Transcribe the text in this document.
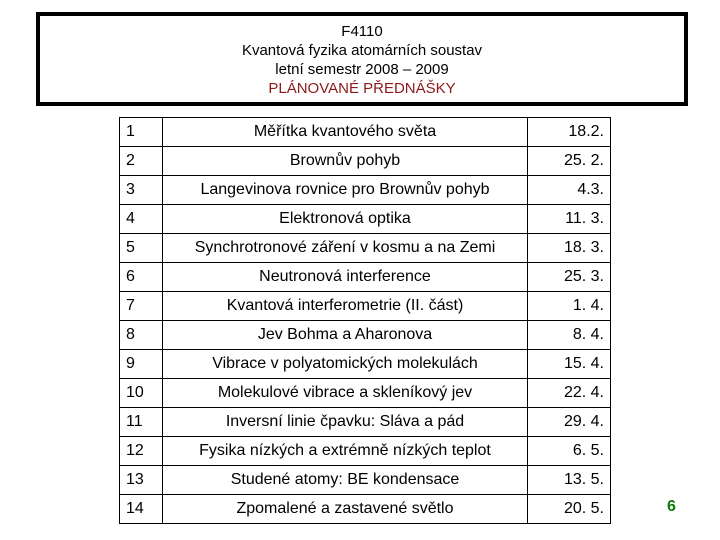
F4110
Kvantová fyzika atomárních soustav
letní semestr 2008 – 2009
PLÁNOVANÉ PŘEDNÁŠKY
1	Měřítka kvantového světa	18.2.
2	Brownův pohyb	25. 2.
3	Langevinova rovnice pro Brownův pohyb	4.3.
4	Elektronová optika	11. 3.
5	Synchrotronové záření v kosmu a na Zemi	18. 3.
6	Neutronová interference	25. 3.
7	Kvantová interferometrie (II. část)	1. 4.
8	Jev Bohma a Aharonova	8. 4.
9	Vibrace v polyatomických molekulách	15. 4.
10	Molekulové vibrace a skleníkový jev	22. 4.
11	Inversní linie čpavku: Sláva a pád	29. 4.
12	Fysika nízkých a extrémně nízkých teplot	6. 5.
13	Studené atomy: BE kondensace	13. 5.
14	Zpomalené a zastavené světlo	20. 5.	6
